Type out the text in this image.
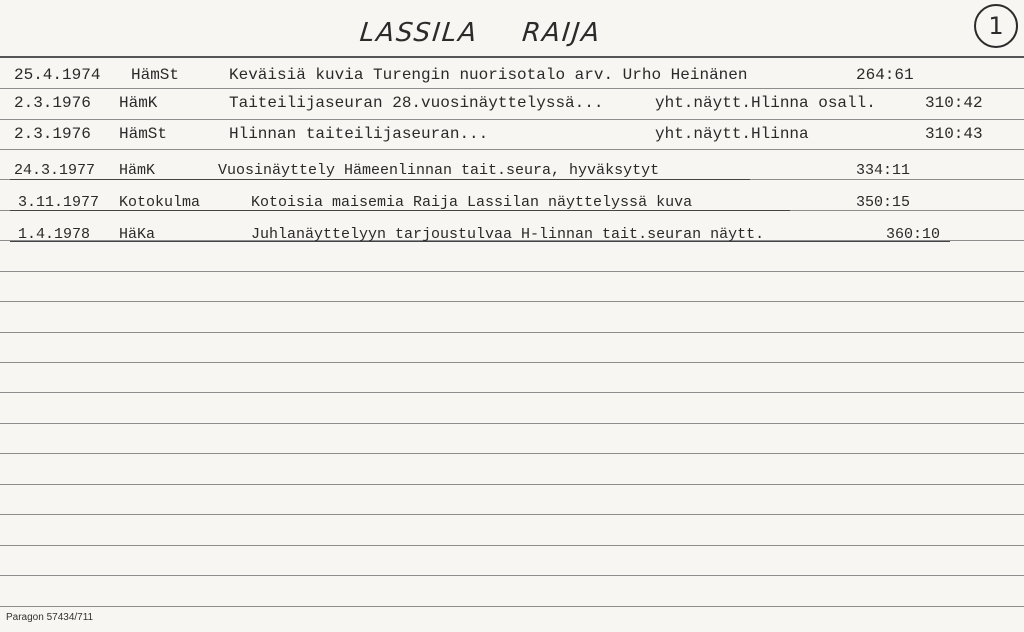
LASSILA RAIJA	1
25.4.1974 HämSt	Keväisiä kuvia Turengin nuorisotalo arv. Urho Heinänen	264:61
2.3.1976 HämK	Taiteilijaseuran 28.vuosinäyttelyssä...	yht.näytt.Hlinna osall.	310:42
2.3.1976 HämSt	Hlinnan taiteilijaseuran...	yht.näytt.Hlinna	310:43
24.3.1977 HämK	Vuosinäyttely Hämeenlinnan tait.seura, hyväksytyt	334:11
3.11.1977 Kotokulma	Kotoisia maisemia Raija Lassilan näyttelyssä kuva	350:15
1.4.1978 HäKa	Juhlanäyttelyyn tarjoustulvaa H-linnan tait.seuran näytt.	360:10
Paragon 57434/711
